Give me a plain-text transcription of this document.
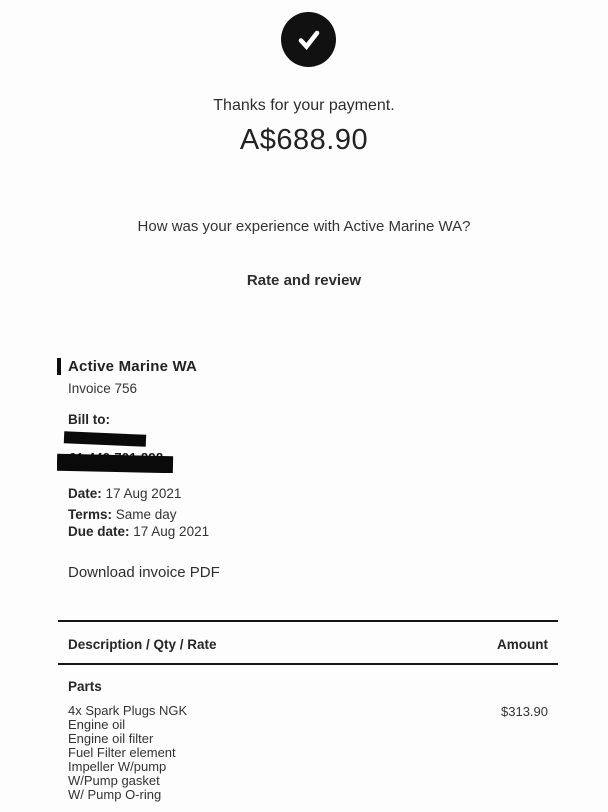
Thanks for your payment.
A$688.90
How was your experience with Active Marine WA?
Rate and review
Active Marine WA
Invoice 756
Bill to:
Date: 17 Aug 2021
Terms: Same day
Due date: 17 Aug 2021
Download invoice PDF
Description / Qty / Rate	Amount
Parts
4x Spark Plugs NGK
Engine oil
Engine oil filter
Fuel Filter element
Impeller W/pump
W/Pump gasket
W/ Pump O-ring
$313.90
